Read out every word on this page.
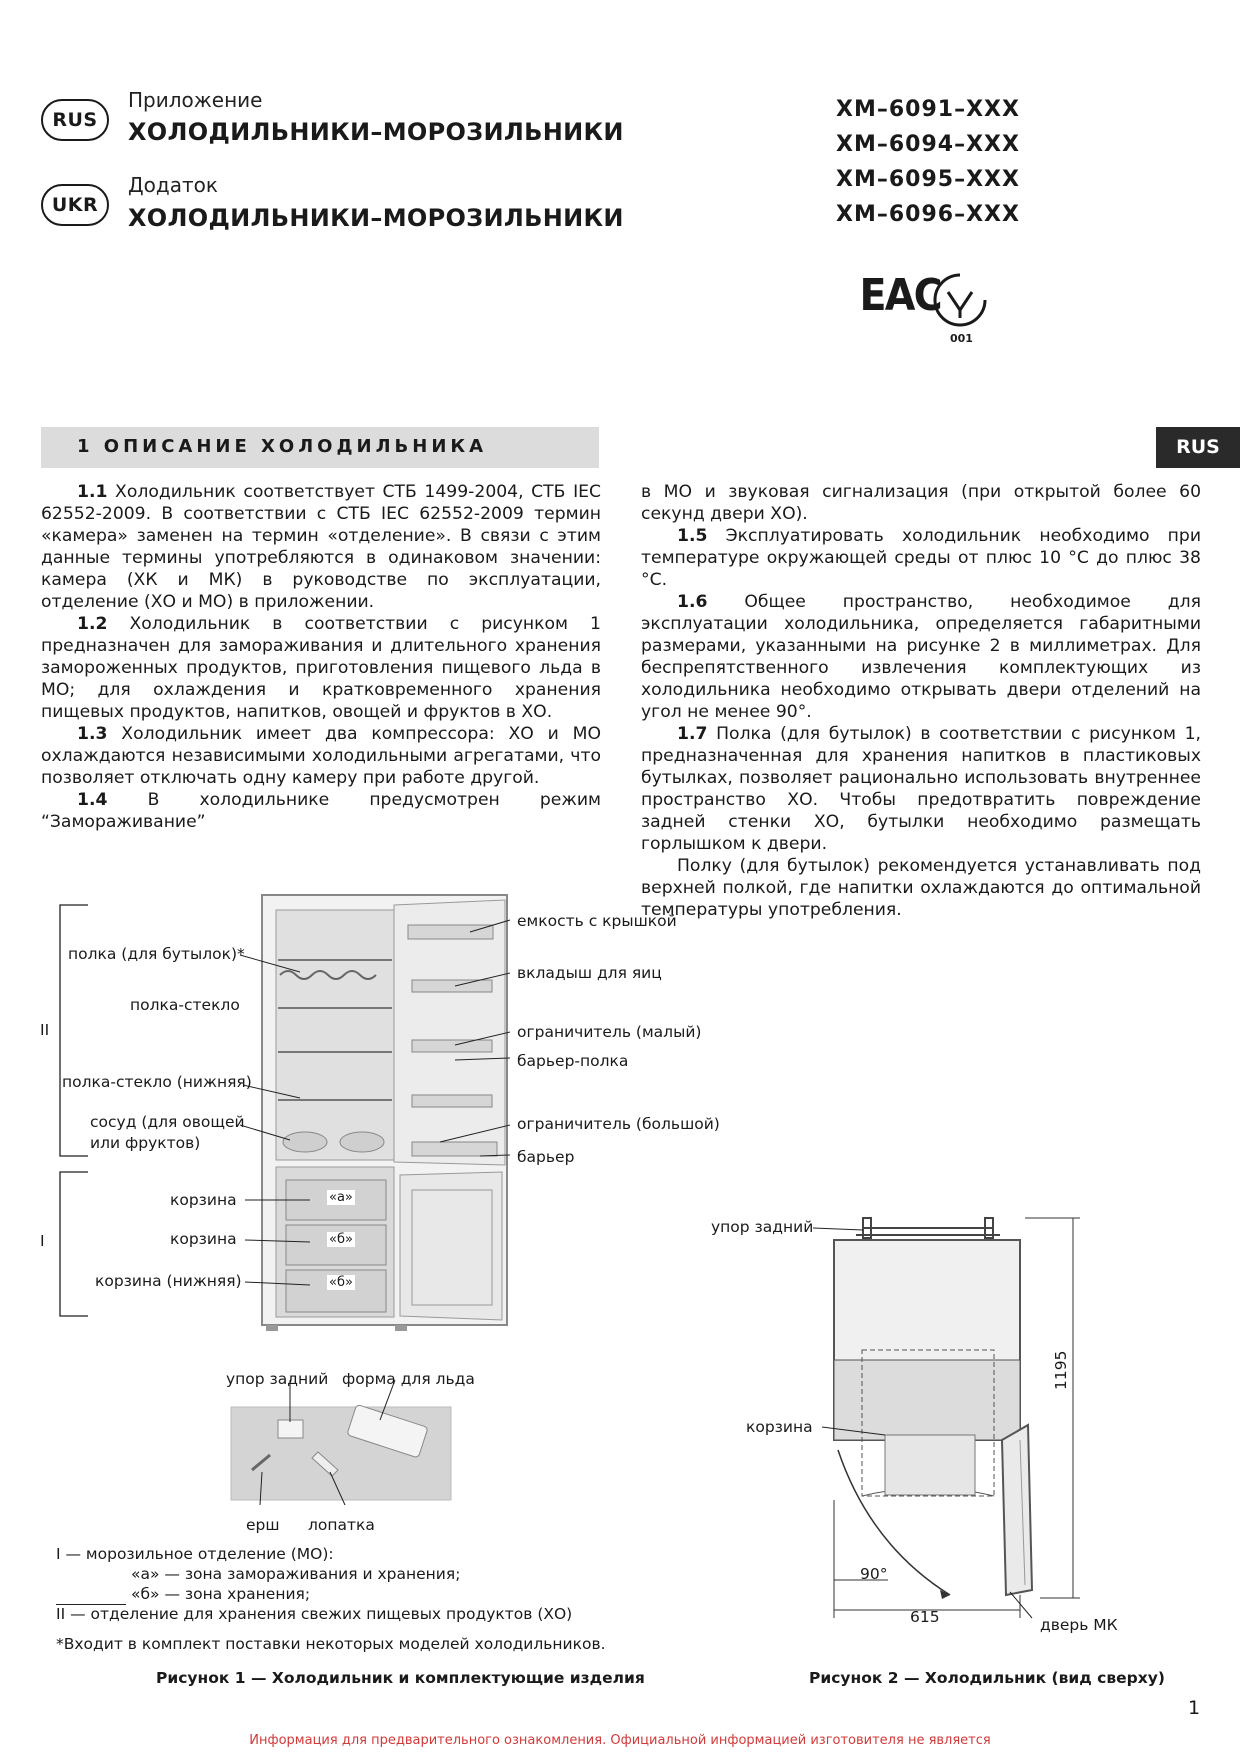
RUS
Приложение
ХОЛОДИЛЬНИКИ–МОРОЗИЛЬНИКИ
UKR
Додаток
ХОЛОДИЛЬНИКИ–МОРОЗИЛЬНИКИ
ХМ–6091–ХХХ
ХМ–6094–ХХХ
ХМ–6095–ХХХ
ХМ–6096–ХХХ
ЕАС
001
1 ОПИСАНИЕ ХОЛОДИЛЬНИКА	RUS

1.1 Холодильник соответствует СТБ 1499-2004, СТБ IEC 62552-2009. В соответствии с СТБ IEC 62552-2009 термин «камера» заменен на термин «отделение». В связи с этим данные термины употребляются в одинаковом значении: камера (ХК и МК) в руководстве по эксплуатации, отделение (ХО и МО) в приложении.

1.2 Холодильник в соответствии с рисунком 1 предназначен для замораживания и длительного хранения замороженных продуктов, приготовления пищевого льда в МО; для охлаждения и кратковременного хранения пищевых продуктов, напитков, овощей и фруктов в ХО.

1.3 Холодильник имеет два компрессора: ХО и МО охлаждаются независимыми холодильными агрегатами, что позволяет отключать одну камеру при работе другой.

1.4 В холодильнике предусмотрен режим “Замораживание”

в МО и звуковая сигнализация (при открытой более 60 секунд двери ХО).

1.5 Эксплуатировать холодильник необходимо при температуре окружающей среды от плюс 10 °С до плюс 38 °С.

1.6 Общее пространство, необходимое для эксплуатации холодильника, определяется габаритными размерами, указанными на рисунке 2 в миллиметрах. Для беспрепятственного извлечения комплектующих из холодильника необходимо открывать двери отделений на угол не менее 90°.

1.7 Полка (для бутылок) в соответствии с рисунком 1, предназначенная для хранения напитков в пластиковых бутылках, позволяет рационально использовать внутреннее пространство ХО. Чтобы предотвратить повреждение задней стенки ХО, бутылки необходимо размещать горлышком к двери.

Полку (для бутылок) рекомендуется устанавливать под верхней полкой, где напитки охлаждаются до оптимальной температуры употребления.

полка (для бутылок)*
полка-стекло
полка-стекло (нижняя)
сосуд (для овощей
или фруктов)
корзина
корзина
корзина (нижняя)
II
I
«а»
«б»
«б»
емкость с крышкой
вкладыш для яиц
ограничитель (малый)
барьер-полка
ограничитель (большой)
барьер
упор задний форма для льда
ерш лопатка
I — морозильное отделение (МО):
«а» — зона замораживания и хранения;
«б» — зона хранения;
II — отделение для хранения свежих пищевых продуктов (ХО)
*Входит в комплект поставки некоторых моделей холодильников.
Рисунок 1 — Холодильник и комплектующие изделия
упор задний
корзина
1195
615
90°
дверь МК
Рисунок 2 — Холодильник (вид сверху)
1
Информация для предварительного ознакомления. Официальной информацией изготовителя не является
